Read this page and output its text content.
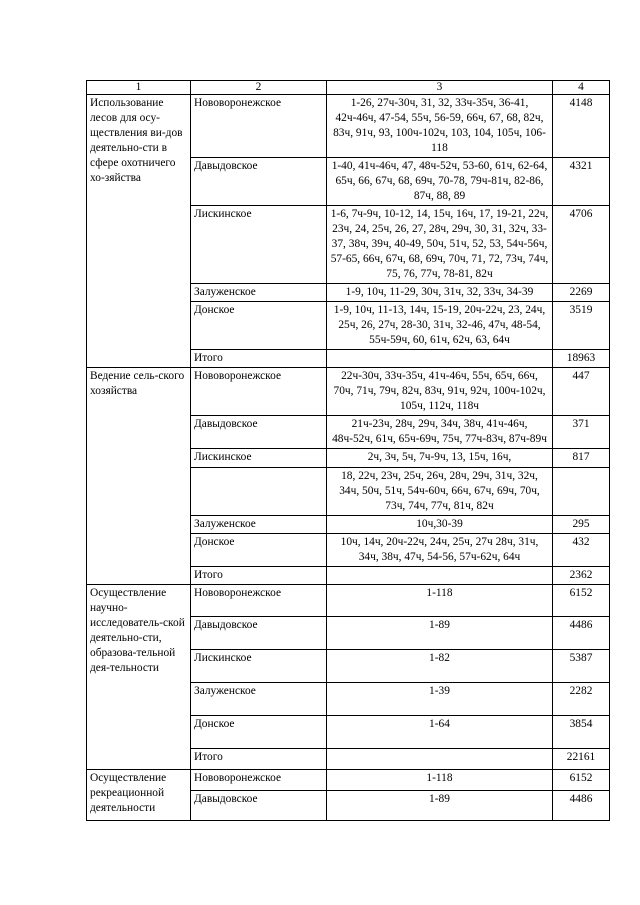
1	2	3	4
Использование лесов для осу-ществления ви-дов деятельно-сти в сфере охотничего хо-зяйства	Нововоронежское	1-26, 27ч-30ч, 31, 32, 33ч-35ч, 36-41, 42ч-46ч, 47-54, 55ч, 56-59, 66ч, 67, 68, 82ч, 83ч, 91ч, 93, 100ч-102ч, 103, 104, 105ч, 106-118	4148
	Давыдовское	1-40, 41ч-46ч, 47, 48ч-52ч, 53-60, 61ч, 62-64, 65ч, 66, 67ч, 68, 69ч, 70-78, 79ч-81ч, 82-86, 87ч, 88, 89	4321
	Лискинское	1-6, 7ч-9ч, 10-12, 14, 15ч, 16ч, 17, 19-21, 22ч, 23ч, 24, 25ч, 26, 27, 28ч, 29ч, 30, 31, 32ч, 33-37, 38ч, 39ч, 40-49, 50ч, 51ч, 52, 53, 54ч-56ч, 57-65, 66ч, 67ч, 68, 69ч, 70ч, 71, 72, 73ч, 74ч, 75, 76, 77ч, 78-81, 82ч	4706
	Залуженское	1-9, 10ч, 11-29, 30ч, 31ч, 32, 33ч, 34-39	2269
	Донское	1-9, 10ч, 11-13, 14ч, 15-19, 20ч-22ч, 23, 24ч, 25ч, 26, 27ч, 28-30, 31ч, 32-46, 47ч, 48-54, 55ч-59ч, 60, 61ч, 62ч, 63, 64ч	3519
	Итого		18963
Ведение сель-ского хозяйства	Нововоронежское	22ч-30ч, 33ч-35ч, 41ч-46ч, 55ч, 65ч, 66ч, 70ч, 71ч, 79ч, 82ч, 83ч, 91ч, 92ч, 100ч-102ч, 105ч, 112ч, 118ч	447
	Давыдовское	21ч-23ч, 28ч, 29ч, 34ч, 38ч, 41ч-46ч, 48ч-52ч, 61ч, 65ч-69ч, 75ч, 77ч-83ч, 87ч-89ч	371
	Лискинское	2ч, 3ч, 5ч, 7ч-9ч, 13, 15ч, 16ч,	817
		18, 22ч, 23ч, 25ч, 26ч, 28ч, 29ч, 31ч, 32ч, 34ч, 50ч, 51ч, 54ч-60ч, 66ч, 67ч, 69ч, 70ч, 73ч, 74ч, 77ч, 81ч, 82ч	
	Залуженское	10ч,30-39	295
	Донское	10ч, 14ч, 20ч-22ч, 24ч, 25ч, 27ч 28ч, 31ч, 34ч, 38ч, 47ч, 54-56, 57ч-62ч, 64ч	432
	Итого		2362
Осуществление научно-исследователь-ской деятельно-сти, образова-тельной дея-тельности	Нововоронежское	1-118	6152
	Давыдовское	1-89	4486
	Лискинское	1-82	5387
	Залуженское	1-39	2282
	Донское	1-64	3854
	Итого		22161
Осуществление рекреационной деятельности	Нововоронежское	1-118	6152
	Давыдовское	1-89	4486
